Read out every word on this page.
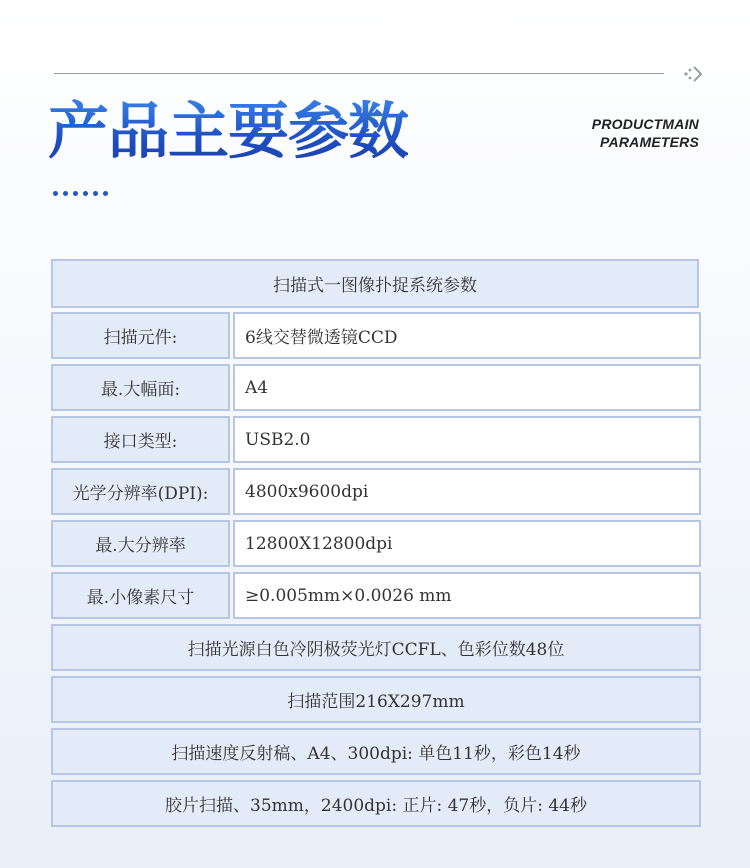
产品主要参数	PRODUCTMAIN
PARAMETERS
扫描式一图像扑捉系统参数
扫描元件:	6线交替微透镜CCD
最.大幅面:	A4
接口类型:	USB2.0
光学分辨率(DPI):	4800x9600dpi
最.大分辨率	12800X12800dpi
最.小像素尺寸	≥0.005mm×0.0026 mm
扫描光源白色冷阴极荧光灯CCFL、色彩位数48位
扫描范围216X297mm
扫描速度反射稿、A4、300dpi: 单色11秒，彩色14秒
胶片扫描、35mm，2400dpi: 正片: 47秒，负片: 44秒
